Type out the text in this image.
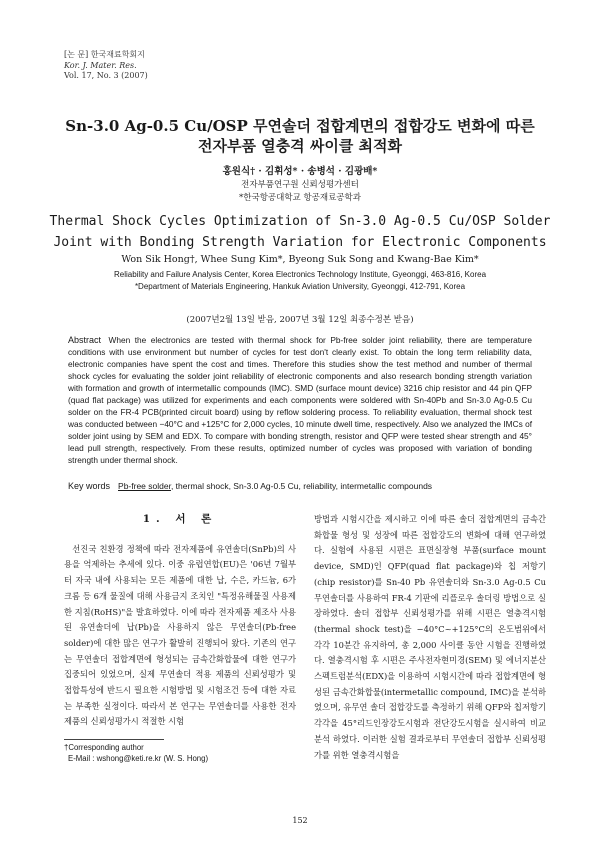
[논 문] 한국재료학회지
Kor. J. Mater. Res.
Vol. 17, No. 3 (2007)
Sn-3.0 Ag-0.5 Cu/OSP 무연솔더 접합계면의 접합강도 변화에 따른
전자부품 열충격 싸이클 최적화
홍원식† · 김휘성* · 송병석 · 김광배*
전자부품연구원 신뢰성평가센터
*한국항공대학교 항공재료공학과
Thermal Shock Cycles Optimization of Sn-3.0 Ag-0.5 Cu/OSP Solder
Joint with Bonding Strength Variation for Electronic Components
Won Sik Hong†, Whee Sung Kim*, Byeong Suk Song and Kwang-Bae Kim*
Reliability and Failure Analysis Center, Korea Electronics Technology Institute, Gyeonggi, 463-816, Korea
*Department of Materials Engineering, Hankuk Aviation University, Gyeonggi, 412-791, Korea
(2007년2월 13일 받음, 2007년 3월 12일 최종수정본 받음)
Abstract When the electronics are tested with thermal shock for Pb-free solder joint reliability, there are temperature conditions with use environment but number of cycles for test don't clearly exist. To obtain the long term reliability data, electronic companies have spent the cost and times. Therefore this studies show the test method and number of thermal shock cycles for evaluating the solder joint reliability of electronic components and also research bonding strength variation with formation and growth of intermetallic compounds (IMC). SMD (surface mount device) 3216 chip resistor and 44 pin QFP (quad flat package) was utilized for experiments and each components were soldered with Sn-40Pb and Sn-3.0 Ag-0.5 Cu solder on the FR-4 PCB(printed circuit board) using by reflow soldering process. To reliability evaluation, thermal shock test was conducted between −40°C and +125°C for 2,000 cycles, 10 minute dwell time, respectively. Also we analyzed the IMCs of solder joint using by SEM and EDX. To compare with bonding strength, resistor and QFP were tested shear strength and 45° lead pull strength, respectively. From these results, optimized number of cycles was proposed with variation of bonding strength under thermal shock.
Key words Pb-free solder, thermal shock, Sn-3.0 Ag-0.5 Cu, reliability, intermetallic compounds
1. 서 론

선진국 친환경 정책에 따라 전자제품에 유연솔더(SnPb)의 사용을 억제하는 추세에 있다. 이중 유럽연합(EU)은 '06년 7월부터 자국 내에 사용되는 모든 제품에 대한 납, 수은, 카드늄, 6가 크롬 등 6개 물질에 대해 사용금지 조치인 "특정유해물질 사용제한 지침(RoHS)"을 발효하였다. 이에 따라 전자제품 제조사 사용된 유연솔더에 납(Pb)을 사용하지 않은 무연솔더(Pb-free solder)에 대한 많은 연구가 활발히 진행되어 왔다. 기존의 연구는 무연솔더 접합계면에 형성되는 금속간화합물에 대한 연구가 집중되어 있었으며, 실제 무연솔더 적용 제품의 신뢰성평가 및 접합특성에 반드시 필요한 시험방법 및 시험조건 등에 대한 자료는 부족한 실정이다. 따라서 본 연구는 무연솔더를 사용한 전자제품의 신뢰성평가시 적절한 시험

방법과 시험시간을 제시하고 이에 따른 솔더 접합계면의 금속간화합물 형성 및 성장에 따른 접합강도의 변화에 대해 연구하였다. 실험에 사용된 시편은 표면실장형 부품(surface mount device, SMD)인 QFP(quad flat package)와 칩 저항기(chip resistor)를 Sn-40 Pb 유연솔더와 Sn-3.0 Ag-0.5 Cu 무연솔더를 사용하여 FR-4 기판에 리플로우 솔더링 방법으로 실장하였다. 솔더 접합부 신뢰성평가를 위해 시편은 열충격시험(thermal shock test)을 −40°C~+125°C의 온도범위에서 각각 10분간 유지하여, 총 2,000 사이클 동안 시험을 진행하였다. 열충격시험 후 시편은 주사전자현미경(SEM) 및 에너지분산스펙트럼분석(EDX)을 이용하여 시험시간에 따라 접합계면에 형성된 금속간화합물(intermetallic compound, IMC)을 분석하였으며, 유무연 솔더 접합강도를 측정하기 위해 QFP와 칩저항기 각각을 45°리드인장강도시험과 전단강도시험을 실시하여 비교분석 하였다. 이러한 실험 결과로부터 무연솔더 접합부 신뢰성평가를 위한 열충격시험을

†Corresponding author
E-Mail : wshong@keti.re.kr (W. S. Hong)
152
